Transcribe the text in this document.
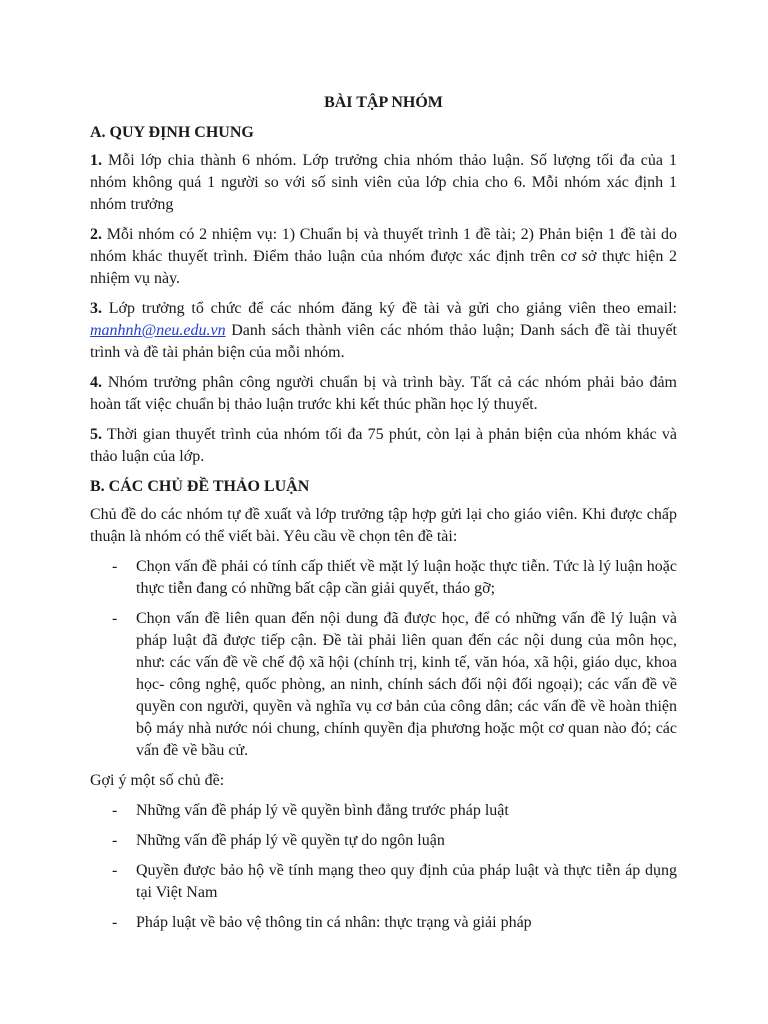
BÀI TẬP NHÓM
A. QUY ĐỊNH CHUNG

1. Mỗi lớp chia thành 6 nhóm. Lớp trưởng chia nhóm thảo luận. Số lượng tối đa của 1 nhóm không quá 1 người so với số sinh viên của lớp chia cho 6. Mỗi nhóm xác định 1 nhóm trưởng

2. Mỗi nhóm có 2 nhiệm vụ: 1) Chuẩn bị và thuyết trình 1 đề tài; 2) Phản biện 1 đề tài do nhóm khác thuyết trình. Điểm thảo luận của nhóm được xác định trên cơ sở thực hiện 2 nhiệm vụ này.

3. Lớp trưởng tổ chức để các nhóm đăng ký đề tài và gửi cho giảng viên theo email: manhnh@neu.edu.vn Danh sách thành viên các nhóm thảo luận; Danh sách đề tài thuyết trình và đề tài phản biện của mỗi nhóm.

4. Nhóm trưởng phân công người chuẩn bị và trình bày. Tất cả các nhóm phải bảo đảm hoàn tất việc chuẩn bị thảo luận trước khi kết thúc phần học lý thuyết.

5. Thời gian thuyết trình của nhóm tối đa 75 phút, còn lại à phản biện của nhóm khác và thảo luận của lớp.

B. CÁC CHỦ ĐỀ THẢO LUẬN

Chủ đề do các nhóm tự đề xuất và lớp trưởng tập hợp gửi lại cho giáo viên. Khi được chấp thuận là nhóm có thể viết bài. Yêu cầu về chọn tên đề tài:

- Chọn vấn đề phải có tính cấp thiết về mặt lý luận hoặc thực tiễn. Tức là lý luận hoặc thực tiễn đang có những bất cập cần giải quyết, tháo gỡ;
- Chọn vấn đề liên quan đến nội dung đã được học, để có những vấn đề lý luận và pháp luật đã được tiếp cận. Đề tài phải liên quan đến các nội dung của môn học, như: các vấn đề về chế độ xã hội (chính trị, kinh tế, văn hóa, xã hội, giáo dục, khoa học- công nghệ, quốc phòng, an ninh, chính sách đối nội đối ngoại); các vấn đề về quyền con người, quyền và nghĩa vụ cơ bản của công dân; các vấn đề về hoàn thiện bộ máy nhà nước nói chung, chính quyền địa phương hoặc một cơ quan nào đó; các vấn đề về bầu cử.

Gợi ý một số chủ đề:

- Những vấn đề pháp lý về quyền bình đẳng trước pháp luật
- Những vấn đề pháp lý về quyền tự do ngôn luận
- Quyền được bảo hộ về tính mạng theo quy định của pháp luật và thực tiễn áp dụng tại Việt Nam
- Pháp luật về bảo vệ thông tin cá nhân: thực trạng và giải pháp
